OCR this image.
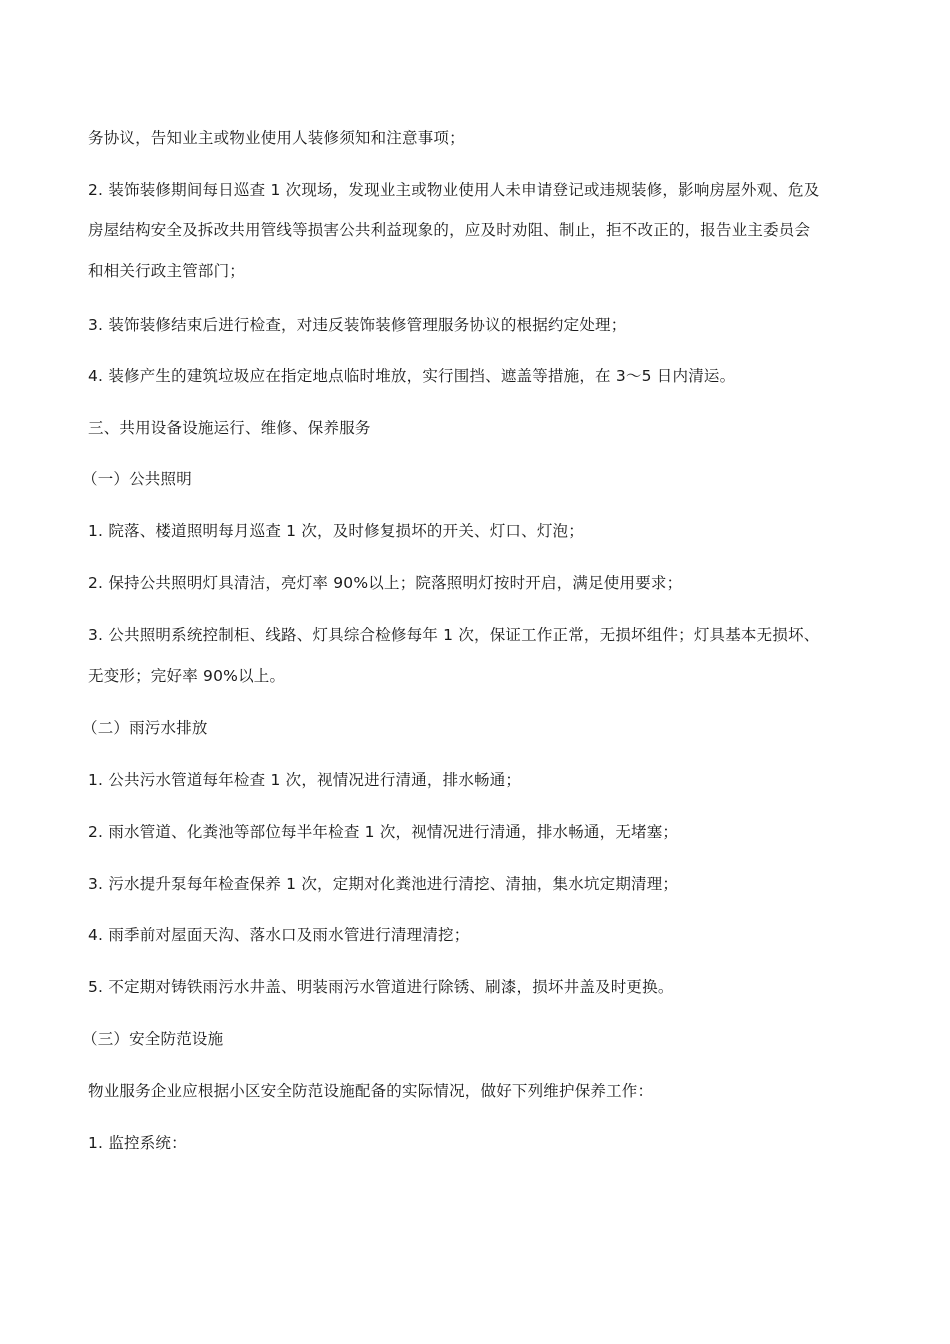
务协议，告知业主或物业使用人装修须知和注意事项；
2. 装饰装修期间每日巡查 1 次现场，发现业主或物业使用人未申请登记或违规装修，影响房屋外观、危及
房屋结构安全及拆改共用管线等损害公共利益现象的，应及时劝阻、制止，拒不改正的，报告业主委员会
和相关行政主管部门；
3. 装饰装修结束后进行检查，对违反装饰装修管理服务协议的根据约定处理；
4. 装修产生的建筑垃圾应在指定地点临时堆放，实行围挡、遮盖等措施，在 3～5 日内清运。
三、共用设备设施运行、维修、保养服务
（一）公共照明
1. 院落、楼道照明每月巡查 1 次，及时修复损坏的开关、灯口、灯泡；
2. 保持公共照明灯具清洁，亮灯率 90%以上；院落照明灯按时开启，满足使用要求；
3. 公共照明系统控制柜、线路、灯具综合检修每年 1 次，保证工作正常，无损坏组件；灯具基本无损坏、
无变形；完好率 90%以上。
（二）雨污水排放
1. 公共污水管道每年检查 1 次，视情况进行清通，排水畅通；
2. 雨水管道、化粪池等部位每半年检查 1 次，视情况进行清通，排水畅通，无堵塞；
3. 污水提升泵每年检查保养 1 次，定期对化粪池进行清挖、清抽，集水坑定期清理；
4. 雨季前对屋面天沟、落水口及雨水管进行清理清挖；
5. 不定期对铸铁雨污水井盖、明装雨污水管道进行除锈、刷漆，损坏井盖及时更换。
（三）安全防范设施
物业服务企业应根据小区安全防范设施配备的实际情况，做好下列维护保养工作：
1. 监控系统：
